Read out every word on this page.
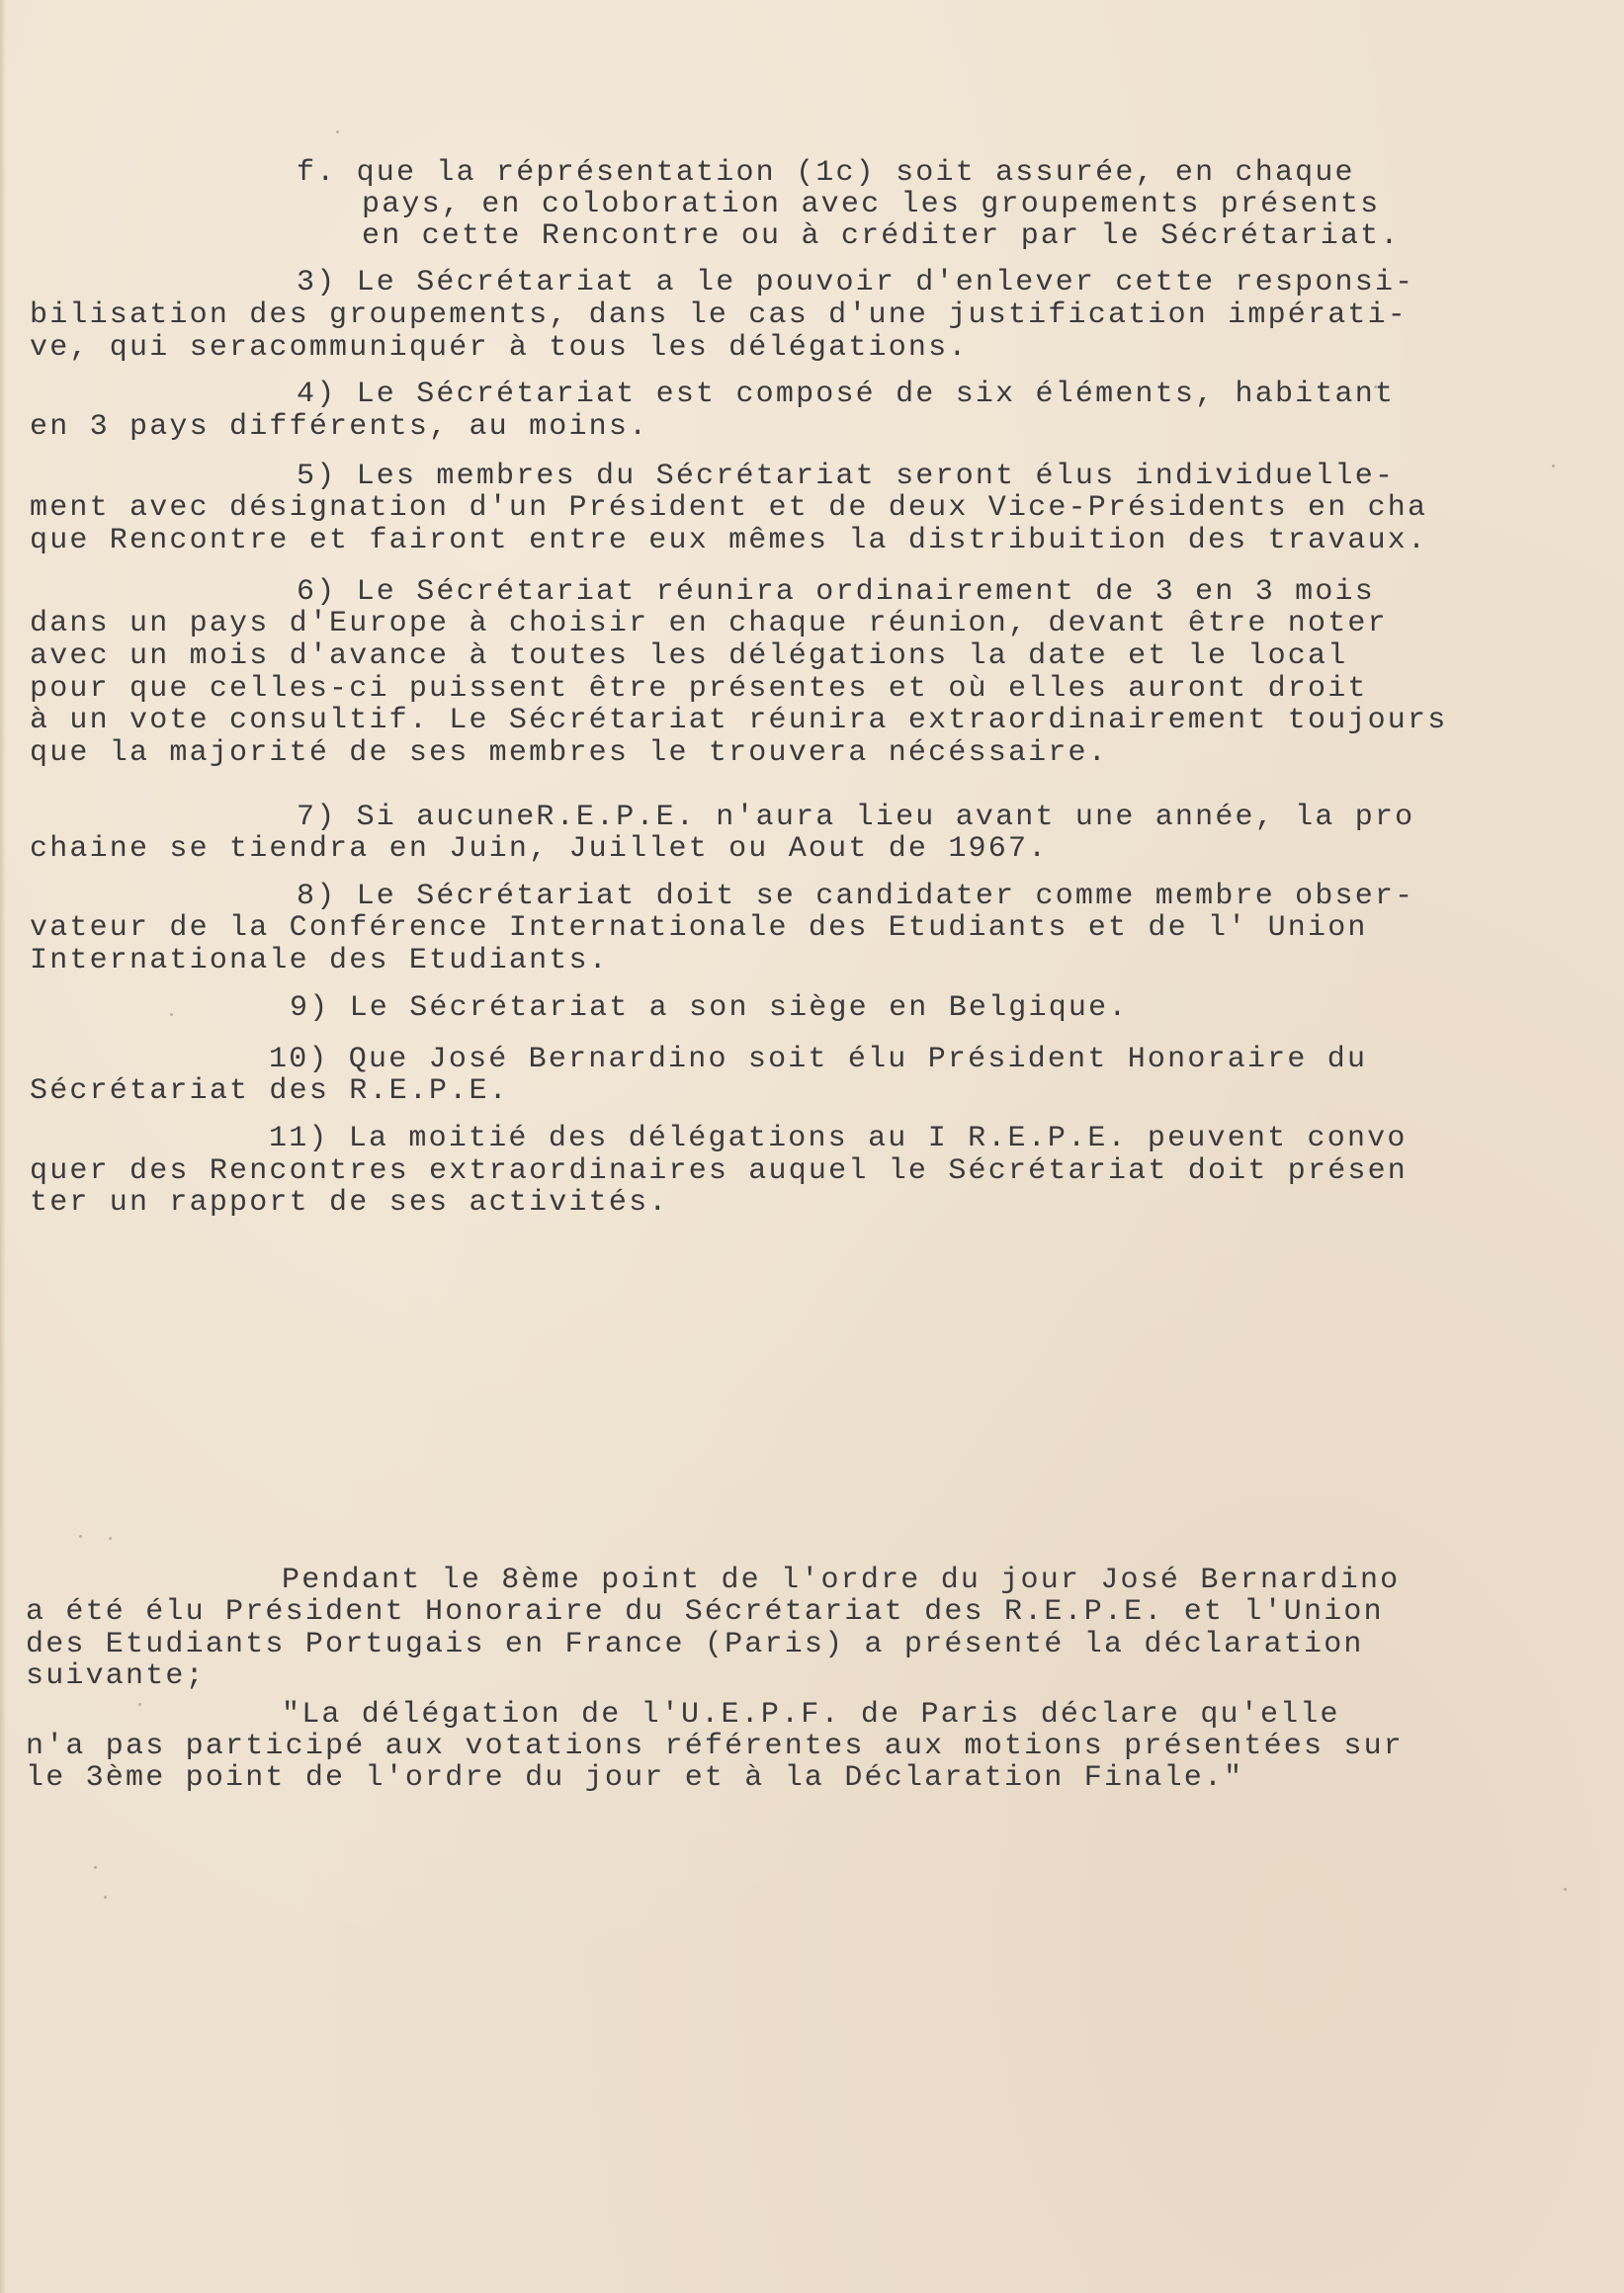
f. que la réprésentation (1c) soit assurée, en chaque
pays, en coloboration avec les groupements présents
en cette Rencontre ou à créditer par le Sécrétariat.
3) Le Sécrétariat a le pouvoir d'enlever cette responsi-
bilisation des groupements, dans le cas d'une justification impérati-
ve, qui seracommuniquér à tous les délégations.
4) Le Sécrétariat est composé de six éléments, habitant
en 3 pays différents, au moins.
5) Les membres du Sécrétariat seront élus individuelle-
ment avec désignation d'un Président et de deux Vice-Présidents en cha
que Rencontre et fairont entre eux mêmes la distribuition des travaux.
6) Le Sécrétariat réunira ordinairement de 3 en 3 mois
dans un pays d'Europe à choisir en chaque réunion, devant être noter
avec un mois d'avance à toutes les délégations la date et le local
pour que celles-ci puissent être présentes et où elles auront droit
à un vote consultif. Le Sécrétariat réunira extraordinairement toujours
que la majorité de ses membres le trouvera nécéssaire.
7) Si aucuneR.E.P.E. n'aura lieu avant une année, la pro
chaine se tiendra en Juin, Juillet ou Aout de 1967.
8) Le Sécrétariat doit se candidater comme membre obser-
vateur de la Conférence Internationale des Etudiants et de l' Union
Internationale des Etudiants.
9) Le Sécrétariat a son siège en Belgique.
10) Que José Bernardino soit élu Président Honoraire du
Sécrétariat des R.E.P.E.
11) La moitié des délégations au I R.E.P.E. peuvent convo
quer des Rencontres extraordinaires auquel le Sécrétariat doit présen
ter un rapport de ses activités.
Pendant le 8ème point de l'ordre du jour José Bernardino
a été élu Président Honoraire du Sécrétariat des R.E.P.E. et l'Union
des Etudiants Portugais en France (Paris) a présenté la déclaration
suivante;
"La délégation de l'U.E.P.F. de Paris déclare qu'elle
n'a pas participé aux votations référentes aux motions présentées sur
le 3ème point de l'ordre du jour et à la Déclaration Finale."
